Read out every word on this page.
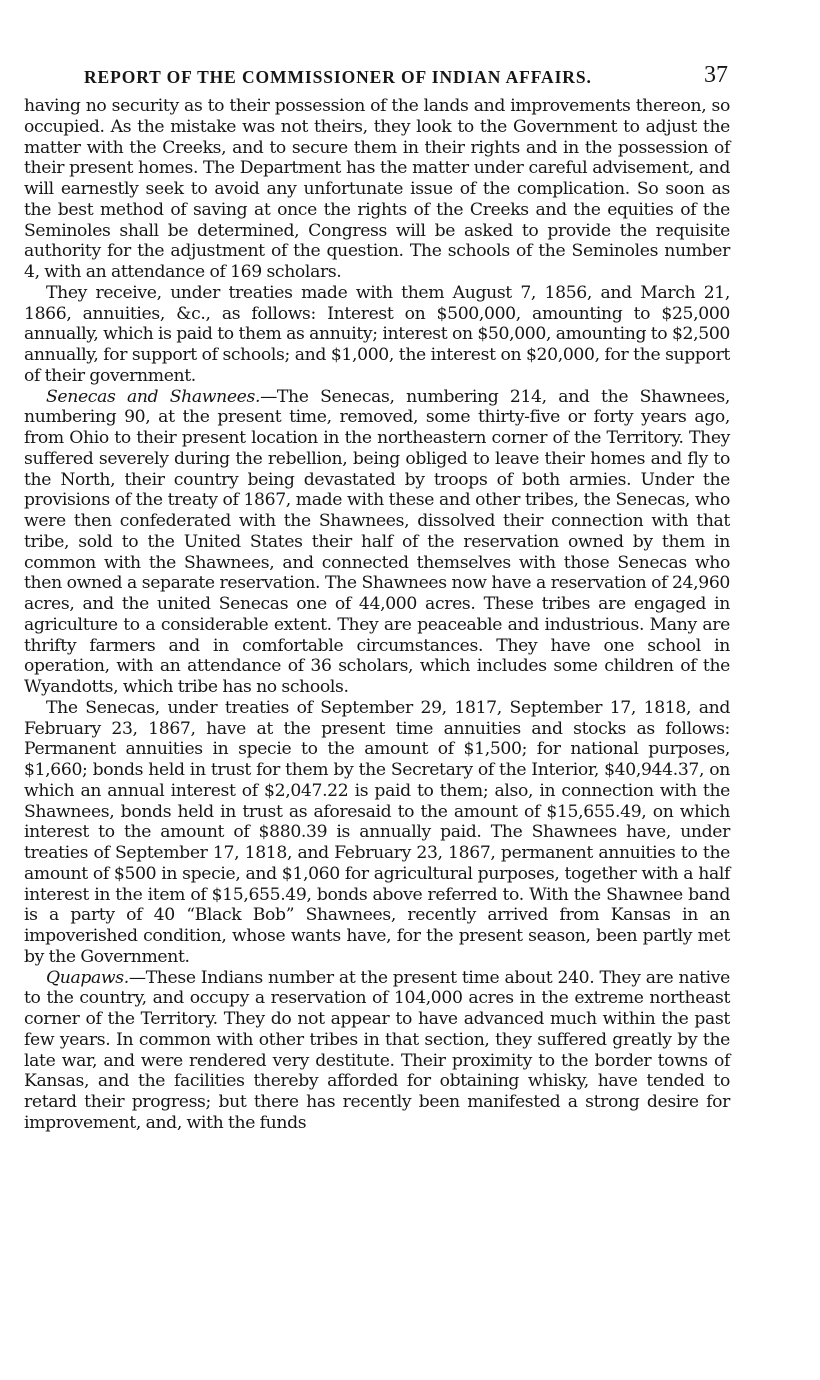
REPORT OF THE COMMISSIONER OF INDIAN AFFAIRS.	37

having no security as to their possession of the lands and improvements thereon, so occupied. As the mistake was not theirs, they look to the Government to adjust the matter with the Creeks, and to secure them in their rights and in the possession of their present homes. The Department has the matter under careful advisement, and will earnestly seek to avoid any unfortunate issue of the complication. So soon as the best method of saving at once the rights of the Creeks and the equities of the Seminoles shall be determined, Congress will be asked to provide the requisite authority for the adjustment of the question. The schools of the Seminoles number 4, with an attendance of 169 scholars.

They receive, under treaties made with them August 7, 1856, and March 21, 1866, annuities, &c., as follows: Interest on $500,000, amounting to $25,000 annually, which is paid to them as annuity; interest on $50,000, amounting to $2,500 annually, for support of schools; and $1,000, the interest on $20,000, for the support of their government.

Senecas and Shawnees.—The Senecas, numbering 214, and the Shawnees, numbering 90, at the present time, removed, some thirty-five or forty years ago, from Ohio to their present location in the northeastern corner of the Territory. They suffered severely during the rebellion, being obliged to leave their homes and fly to the North, their country being devastated by troops of both armies. Under the provisions of the treaty of 1867, made with these and other tribes, the Senecas, who were then confederated with the Shawnees, dissolved their connection with that tribe, sold to the United States their half of the reservation owned by them in common with the Shawnees, and connected themselves with those Senecas who then owned a separate reservation. The Shawnees now have a reservation of 24,960 acres, and the united Senecas one of 44,000 acres. These tribes are engaged in agriculture to a considerable extent. They are peaceable and industrious. Many are thrifty farmers and in comfortable circumstances. They have one school in operation, with an attendance of 36 scholars, which includes some children of the Wyandotts, which tribe has no schools.

The Senecas, under treaties of September 29, 1817, September 17, 1818, and February 23, 1867, have at the present time annuities and stocks as follows: Permanent annuities in specie to the amount of $1,500; for national purposes, $1,660; bonds held in trust for them by the Secretary of the Interior, $40,944.37, on which an annual interest of $2,047.22 is paid to them; also, in connection with the Shawnees, bonds held in trust as aforesaid to the amount of $15,655.49, on which interest to the amount of $880.39 is annually paid. The Shawnees have, under treaties of September 17, 1818, and February 23, 1867, permanent annuities to the amount of $500 in specie, and $1,060 for agricultural purposes, together with a half interest in the item of $15,655.49, bonds above referred to. With the Shawnee band is a party of 40 “Black Bob” Shawnees, recently arrived from Kansas in an impoverished condition, whose wants have, for the present season, been partly met by the Government.

Quapaws.—These Indians number at the present time about 240. They are native to the country, and occupy a reservation of 104,000 acres in the extreme northeast corner of the Territory. They do not appear to have advanced much within the past few years. In common with other tribes in that section, they suffered greatly by the late war, and were rendered very destitute. Their proximity to the border towns of Kansas, and the facilities thereby afforded for obtaining whisky, have tended to retard their progress; but there has recently been manifested a strong desire for improvement, and, with the funds
